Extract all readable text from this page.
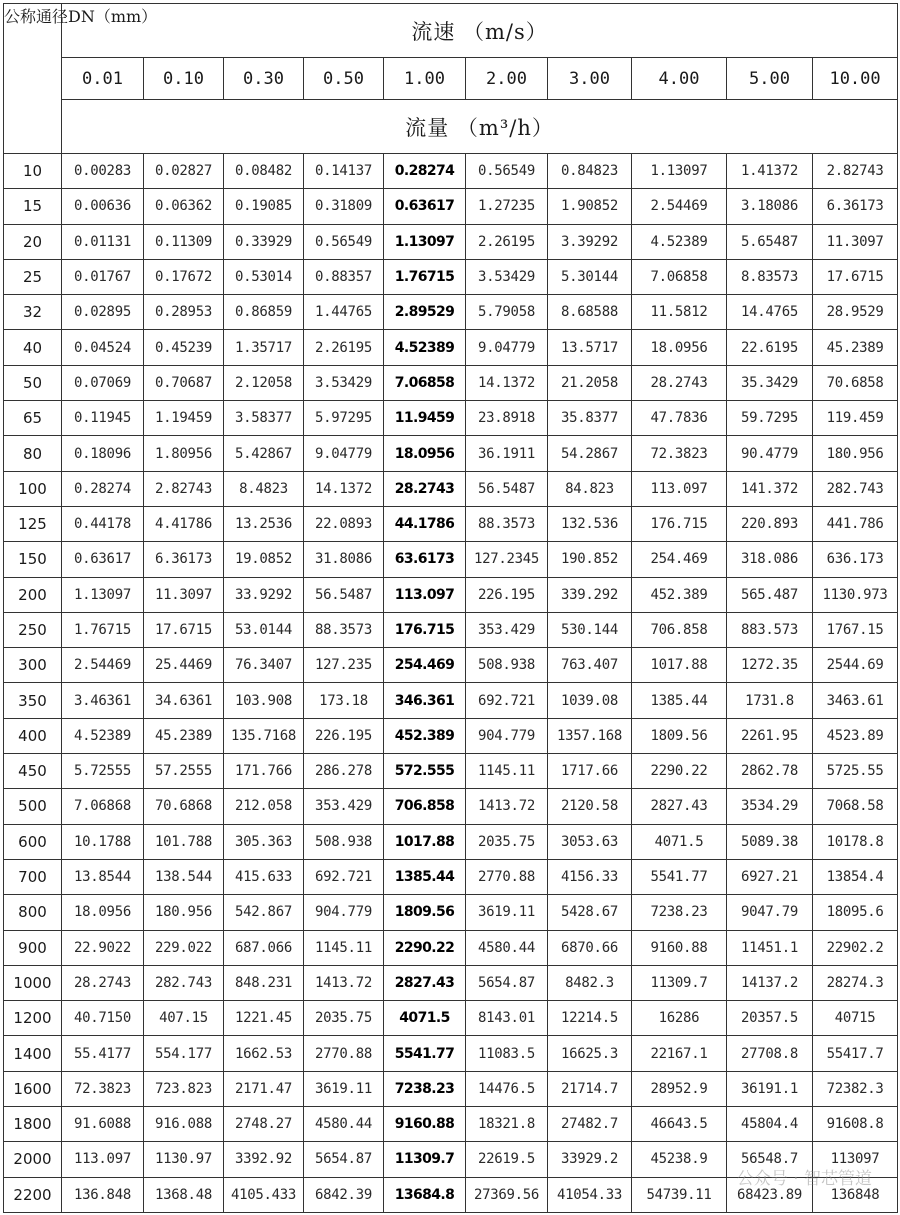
公称通径DN（mm）	流速 （m/s）									
	0.01	0.10	0.30	0.50	1.00	2.00	3.00	4.00	5.00	10.00
	流量 （m³/h）									
10	0.00283	0.02827	0.08482	0.14137	0.28274	0.56549	0.84823	1.13097	1.41372	2.82743
15	0.00636	0.06362	0.19085	0.31809	0.63617	1.27235	1.90852	2.54469	3.18086	6.36173
20	0.01131	0.11309	0.33929	0.56549	1.13097	2.26195	3.39292	4.52389	5.65487	11.3097
25	0.01767	0.17672	0.53014	0.88357	1.76715	3.53429	5.30144	7.06858	8.83573	17.6715
32	0.02895	0.28953	0.86859	1.44765	2.89529	5.79058	8.68588	11.5812	14.4765	28.9529
40	0.04524	0.45239	1.35717	2.26195	4.52389	9.04779	13.5717	18.0956	22.6195	45.2389
50	0.07069	0.70687	2.12058	3.53429	7.06858	14.1372	21.2058	28.2743	35.3429	70.6858
65	0.11945	1.19459	3.58377	5.97295	11.9459	23.8918	35.8377	47.7836	59.7295	119.459
80	0.18096	1.80956	5.42867	9.04779	18.0956	36.1911	54.2867	72.3823	90.4779	180.956
100	0.28274	2.82743	8.4823	14.1372	28.2743	56.5487	84.823	113.097	141.372	282.743
125	0.44178	4.41786	13.2536	22.0893	44.1786	88.3573	132.536	176.715	220.893	441.786
150	0.63617	6.36173	19.0852	31.8086	63.6173	127.2345	190.852	254.469	318.086	636.173
200	1.13097	11.3097	33.9292	56.5487	113.097	226.195	339.292	452.389	565.487	1130.973
250	1.76715	17.6715	53.0144	88.3573	176.715	353.429	530.144	706.858	883.573	1767.15
300	2.54469	25.4469	76.3407	127.235	254.469	508.938	763.407	1017.88	1272.35	2544.69
350	3.46361	34.6361	103.908	173.18	346.361	692.721	1039.08	1385.44	1731.8	3463.61
400	4.52389	45.2389	135.7168	226.195	452.389	904.779	1357.168	1809.56	2261.95	4523.89
450	5.72555	57.2555	171.766	286.278	572.555	1145.11	1717.66	2290.22	2862.78	5725.55
500	7.06868	70.6868	212.058	353.429	706.858	1413.72	2120.58	2827.43	3534.29	7068.58
600	10.1788	101.788	305.363	508.938	1017.88	2035.75	3053.63	4071.5	5089.38	10178.8
700	13.8544	138.544	415.633	692.721	1385.44	2770.88	4156.33	5541.77	6927.21	13854.4
800	18.0956	180.956	542.867	904.779	1809.56	3619.11	5428.67	7238.23	9047.79	18095.6
900	22.9022	229.022	687.066	1145.11	2290.22	4580.44	6870.66	9160.88	11451.1	22902.2
1000	28.2743	282.743	848.231	1413.72	2827.43	5654.87	8482.3	11309.7	14137.2	28274.3
1200	40.7150	407.15	1221.45	2035.75	4071.5	8143.01	12214.5	16286	20357.5	40715
1400	55.4177	554.177	1662.53	2770.88	5541.77	11083.5	16625.3	22167.1	27708.8	55417.7
1600	72.3823	723.823	2171.47	3619.11	7238.23	14476.5	21714.7	28952.9	36191.1	72382.3
1800	91.6088	916.088	2748.27	4580.44	9160.88	18321.8	27482.7	46643.5	45804.4	91608.8
2000	113.097	1130.97	3392.92	5654.87	11309.7	22619.5	33929.2	45238.9	56548.7	113097
2200	136.848	1368.48	4105.433	6842.39	13684.8	27369.56	41054.33	54739.11	68423.89	136848
公众号 · 智芯管道
